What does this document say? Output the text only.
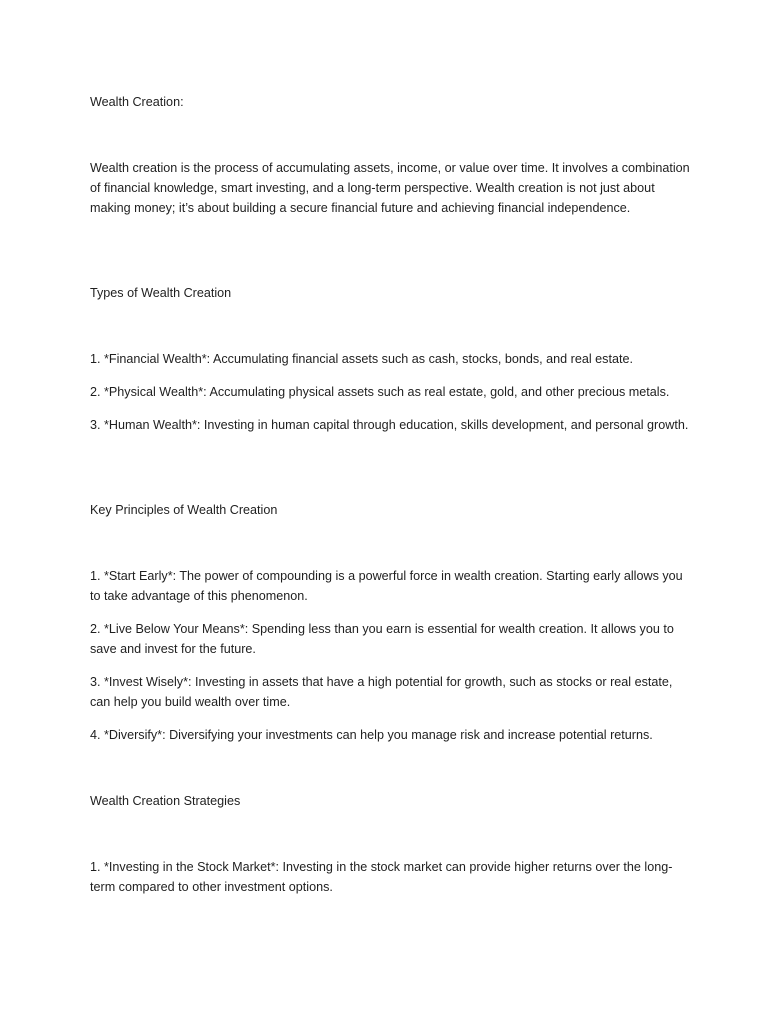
Wealth Creation:

Wealth creation is the process of accumulating assets, income, or value over time. It involves a combination of financial knowledge, smart investing, and a long-term perspective. Wealth creation is not just about making money; it’s about building a secure financial future and achieving financial independence.

Types of Wealth Creation

1. *Financial Wealth*: Accumulating financial assets such as cash, stocks, bonds, and real estate.

2. *Physical Wealth*: Accumulating physical assets such as real estate, gold, and other precious metals.

3. *Human Wealth*: Investing in human capital through education, skills development, and personal growth.

Key Principles of Wealth Creation

1. *Start Early*: The power of compounding is a powerful force in wealth creation. Starting early allows you to take advantage of this phenomenon.

2. *Live Below Your Means*: Spending less than you earn is essential for wealth creation. It allows you to save and invest for the future.

3. *Invest Wisely*: Investing in assets that have a high potential for growth, such as stocks or real estate, can help you build wealth over time.

4. *Diversify*: Diversifying your investments can help you manage risk and increase potential returns.

Wealth Creation Strategies

1. *Investing in the Stock Market*: Investing in the stock market can provide higher returns over the long-term compared to other investment options.
